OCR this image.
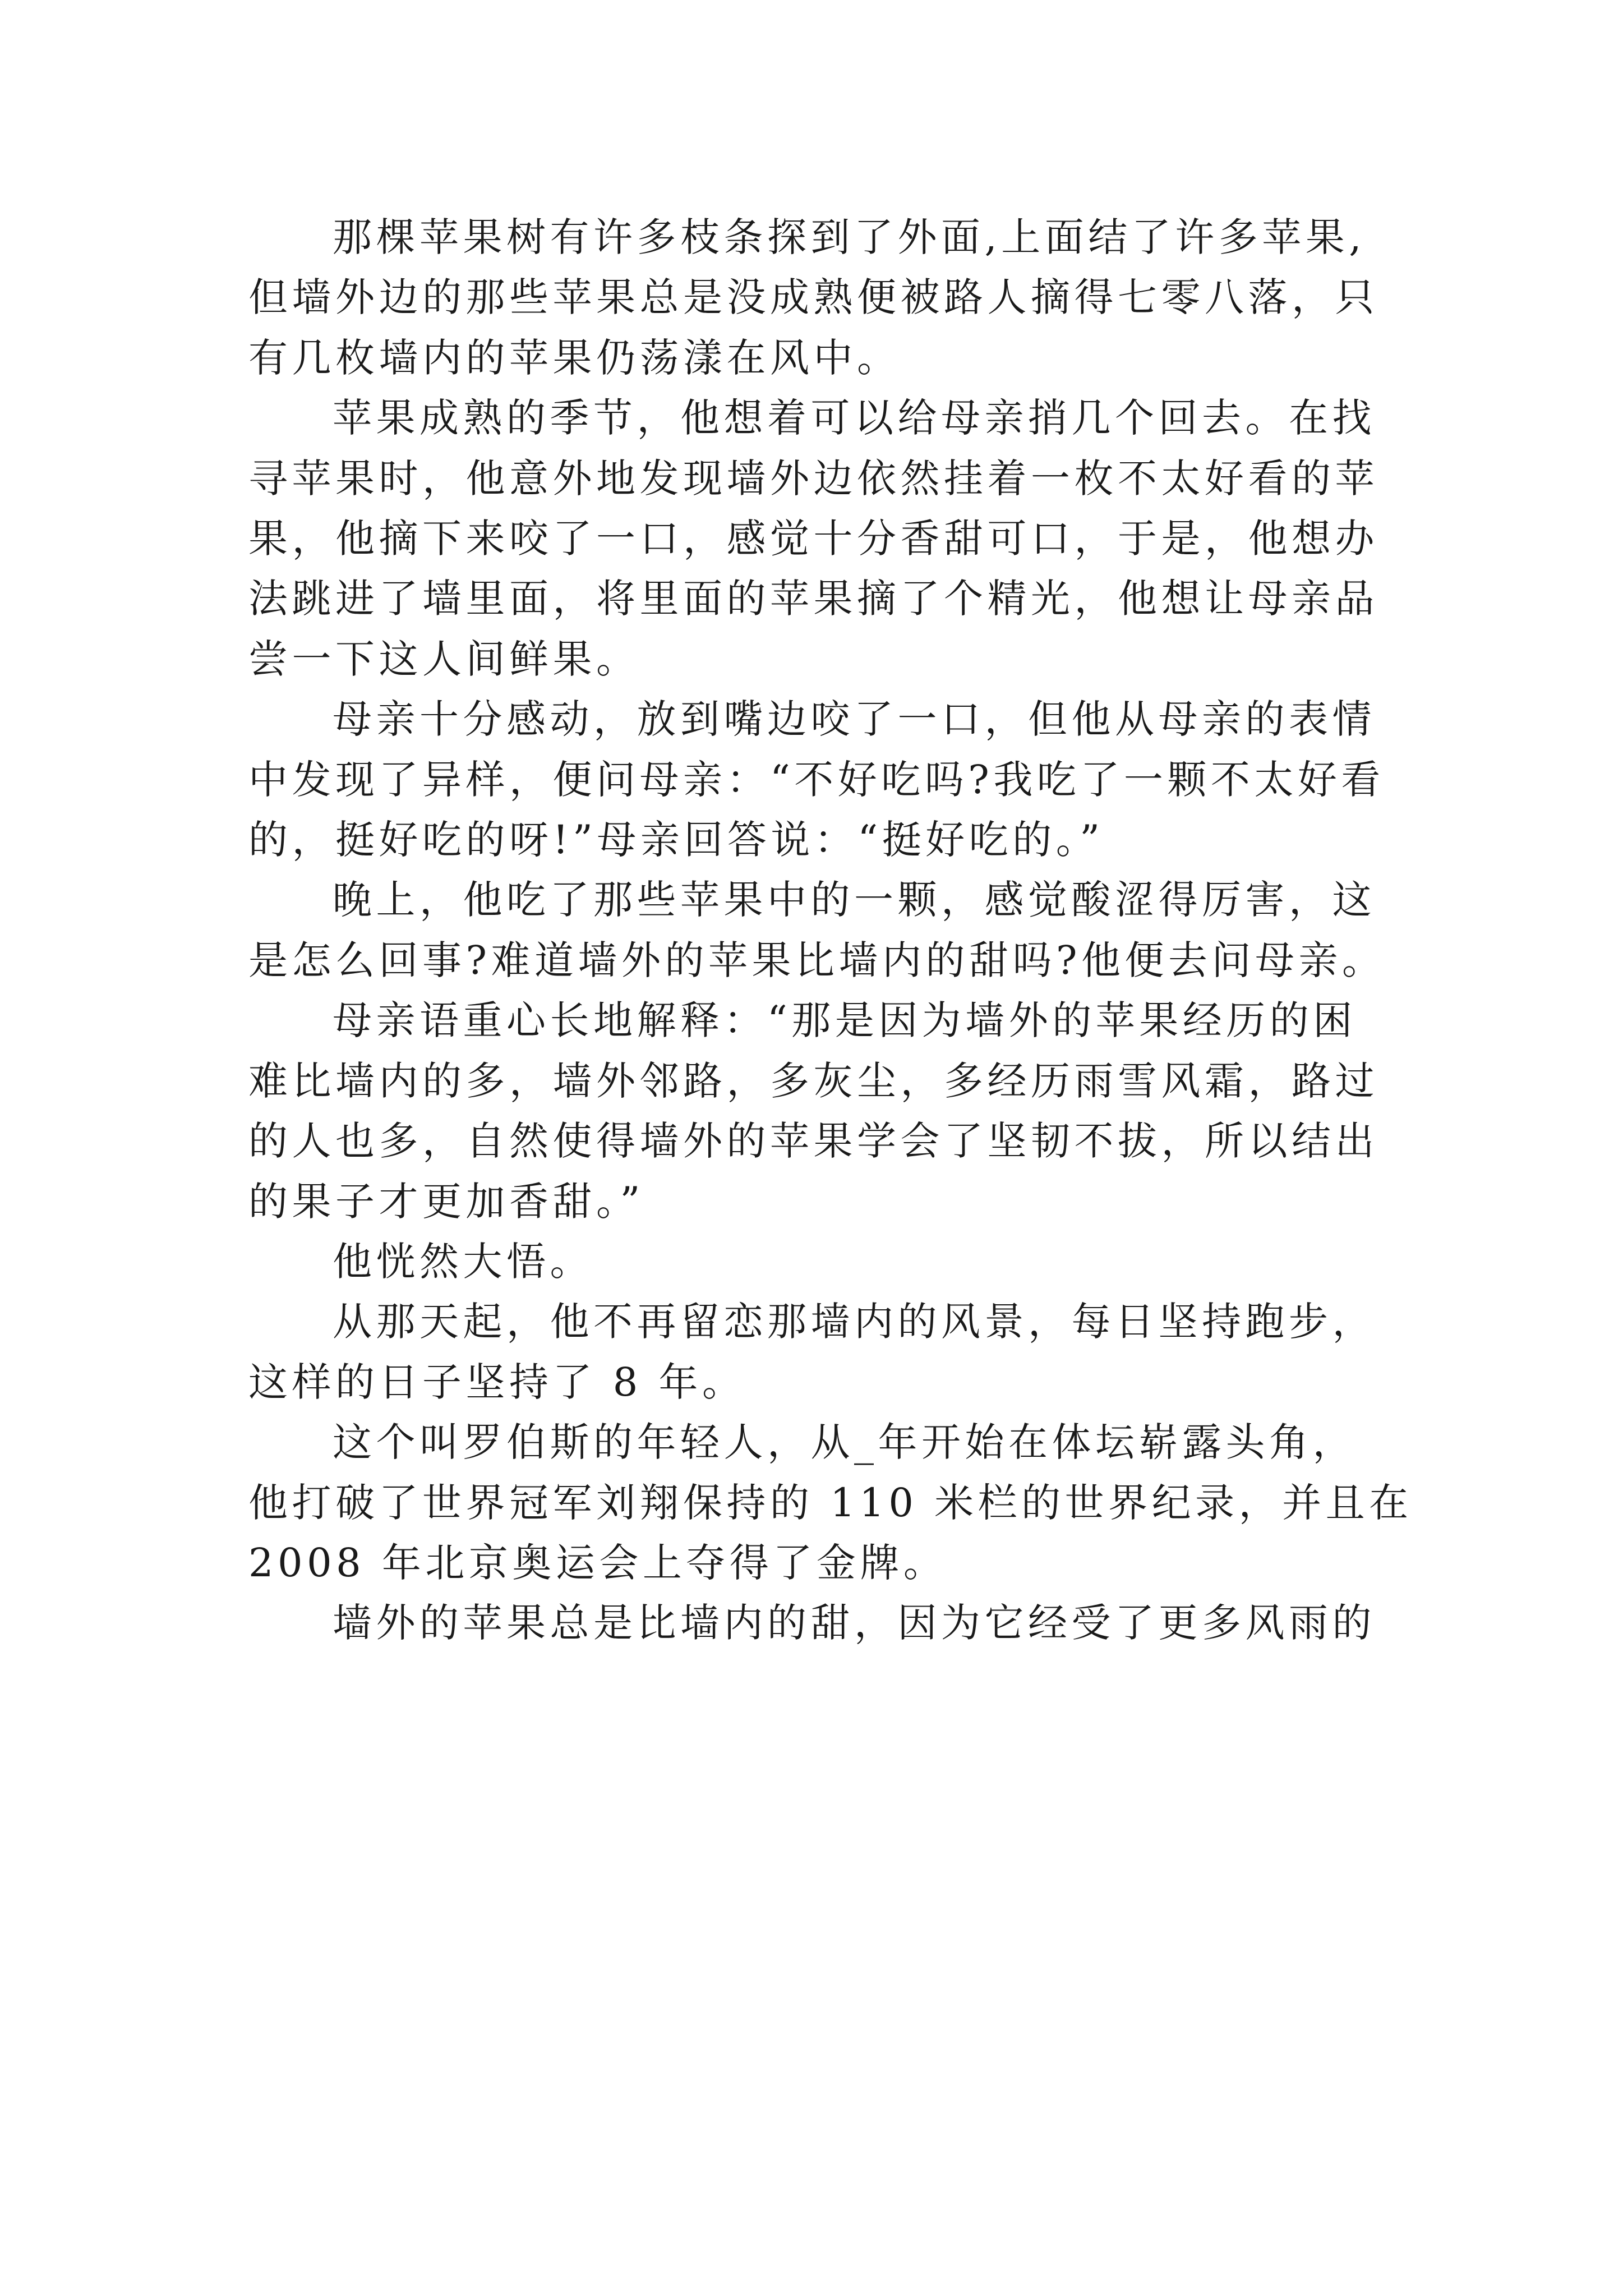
那棵苹果树有许多枝条探到了外面,上面结了许多苹果,
但墙外边的那些苹果总是没成熟便被路人摘得七零八落，只
有几枚墙内的苹果仍荡漾在风中。
苹果成熟的季节，他想着可以给母亲捎几个回去。在找
寻苹果时，他意外地发现墙外边依然挂着一枚不太好看的苹
果，他摘下来咬了一口，感觉十分香甜可口，于是，他想办
法跳进了墙里面，将里面的苹果摘了个精光，他想让母亲品
尝一下这人间鲜果。
母亲十分感动，放到嘴边咬了一口，但他从母亲的表情
中发现了异样，便问母亲：“不好吃吗?我吃了一颗不太好看
的，挺好吃的呀!”母亲回答说：“挺好吃的。”
晚上，他吃了那些苹果中的一颗，感觉酸涩得厉害，这
是怎么回事?难道墙外的苹果比墙内的甜吗?他便去问母亲。
母亲语重心长地解释：“那是因为墙外的苹果经历的困
难比墙内的多，墙外邻路，多灰尘，多经历雨雪风霜，路过
的人也多，自然使得墙外的苹果学会了坚韧不拔，所以结出
的果子才更加香甜。”
他恍然大悟。
从那天起，他不再留恋那墙内的风景，每日坚持跑步，
这样的日子坚持了 8 年。
这个叫罗伯斯的年轻人，从_年开始在体坛崭露头角，
他打破了世界冠军刘翔保持的 110 米栏的世界纪录，并且在
2008 年北京奥运会上夺得了金牌。
墙外的苹果总是比墙内的甜，因为它经受了更多风雨的
